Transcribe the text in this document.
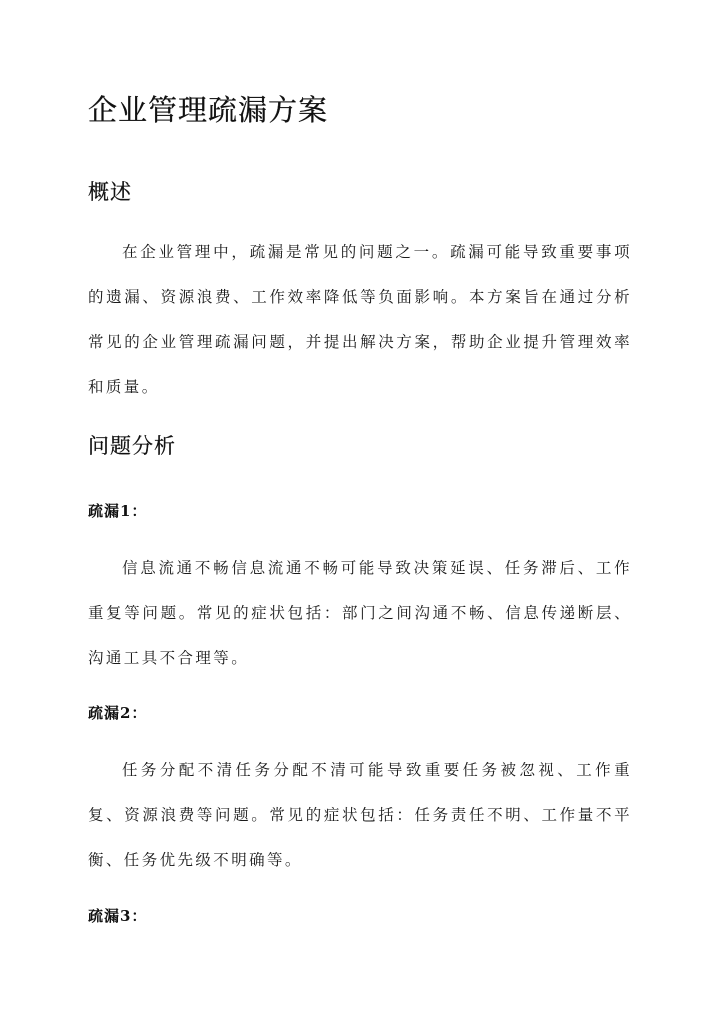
企业管理疏漏方案
概述

在企业管理中，疏漏是常见的问题之一。疏漏可能导致重要事项的遗漏、资源浪费、工作效率降低等负面影响。本方案旨在通过分析常见的企业管理疏漏问题，并提出解决方案，帮助企业提升管理效率和质量。

问题分析
疏漏1：

信息流通不畅信息流通不畅可能导致决策延误、任务滞后、工作重复等问题。常见的症状包括：部门之间沟通不畅、信息传递断层、沟通工具不合理等。

疏漏2：

任务分配不清任务分配不清可能导致重要任务被忽视、工作重复、资源浪费等问题。常见的症状包括：任务责任不明、工作量不平衡、任务优先级不明确等。

疏漏3：
